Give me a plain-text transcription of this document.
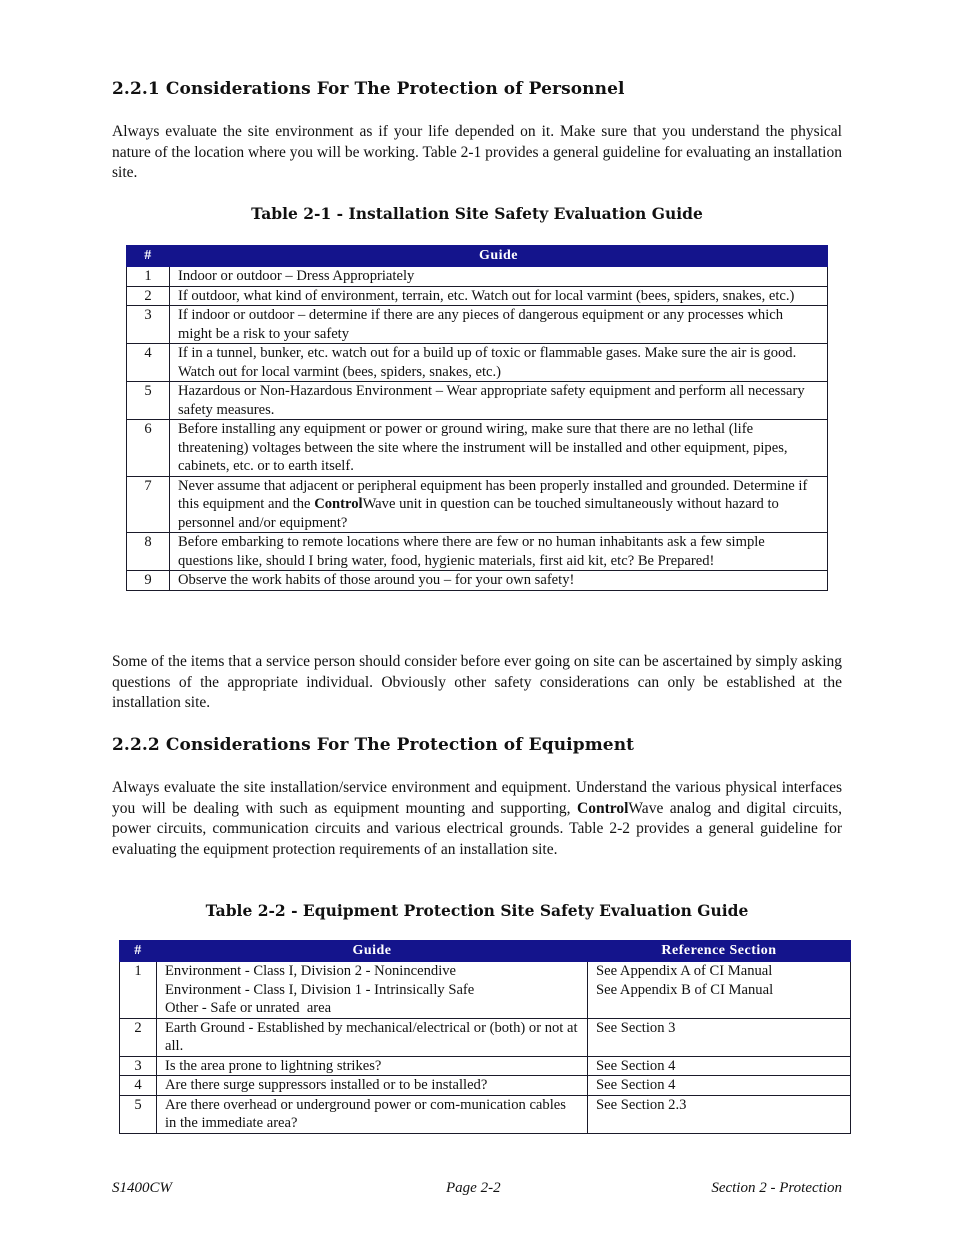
2.2.1 Considerations For The Protection of Personnel

Always evaluate the site environment as if your life depended on it. Make sure that you understand the physical nature of the location where you will be working. Table 2-1 provides a general guideline for evaluating an installation site.

Table 2-1 - Installation Site Safety Evaluation Guide

#	Guide
1	Indoor or outdoor – Dress Appropriately
2	If outdoor, what kind of environment, terrain, etc. Watch out for local varmint (bees, spiders, snakes, etc.)
3	If indoor or outdoor – determine if there are any pieces of dangerous equipment or any processes which might be a risk to your safety
4	If in a tunnel, bunker, etc. watch out for a build up of toxic or flammable gases. Make sure the air is good. Watch out for local varmint (bees, spiders, snakes, etc.)
5	Hazardous or Non-Hazardous Environment – Wear appropriate safety equipment and perform all necessary safety measures.
6	Before installing any equipment or power or ground wiring, make sure that there are no lethal (life threatening) voltages between the site where the instrument will be installed and other equipment, pipes, cabinets, etc. or to earth itself.
7	Never assume that adjacent or peripheral equipment has been properly installed and grounded. Determine if this equipment and the ControlWave unit in question can be touched simultaneously without hazard to personnel and/or equipment?
8	Before embarking to remote locations where there are few or no human inhabitants ask a few simple questions like, should I bring water, food, hygienic materials, first aid kit, etc? Be Prepared!
9	Observe the work habits of those around you – for your own safety!

Some of the items that a service person should consider before ever going on site can be ascertained by simply asking questions of the appropriate individual. Obviously other safety considerations can only be established at the installation site.

2.2.2 Considerations For The Protection of Equipment

Always evaluate the site installation/service environment and equipment. Understand the various physical interfaces you will be dealing with such as equipment mounting and supporting, ControlWave analog and digital circuits, power circuits, communication circuits and various electrical grounds. Table 2-2 provides a general guideline for evaluating the equipment protection requirements of an installation site.

Table 2-2 - Equipment Protection Site Safety Evaluation Guide

#	Guide	Reference Section
1	Environment - Class I, Division 2 - Nonincendive
Environment - Class I, Division 1 - Intrinsically Safe
Other - Safe or unrated  area	See Appendix A of CI Manual
See Appendix B of CI Manual

2	Earth Ground - Established by mechanical/electrical or (both) or not at all.	See Section 3
3	Is the area prone to lightning strikes?	See Section 4
4	Are there surge suppressors installed or to be installed?	See Section 4
5	Are there overhead or underground power or com-munication cables in the immediate area?	See Section 2.3
S1400CW	Page 2-2	Section 2 - Protection
